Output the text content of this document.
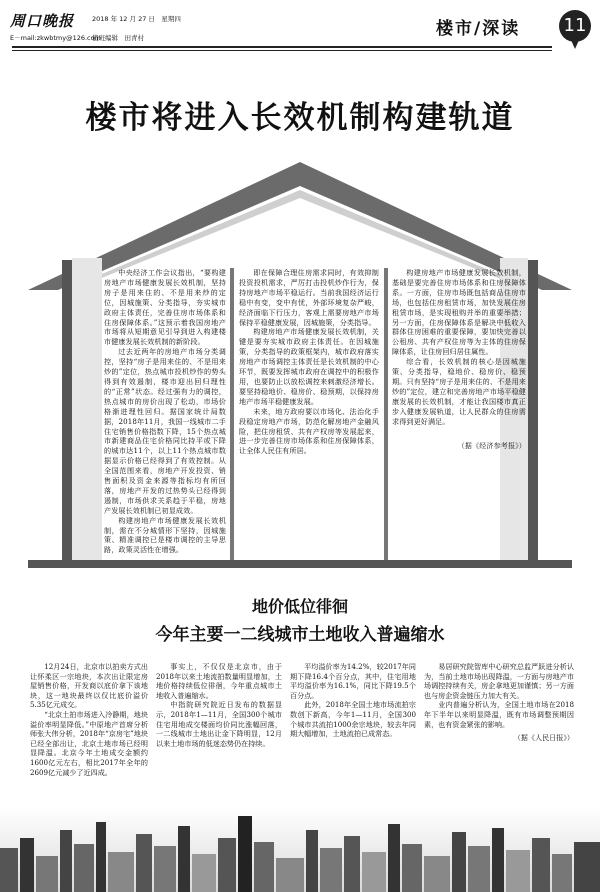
周口晚报	2018 年 12 月 27 日　星期四
E－mail:zkwbtmy@126.com
值班编辑　田青村	楼市/深读 11
楼市将进入长效机制构建轨道

中央经济工作会议指出，“要构建房地产市场健康发展长效机制，坚持房子是用来住的、不是用来炒的定位，因城施策、分类指导，夯实城市政府主体责任，完善住房市场体系和住房保障体系。”这预示着我国房地产市场将从短期意见引导到进入构建楼市健康发展长效机制的新阶段。

过去近两年的房地产市场分类调控，坚持“房子是用来住的、不是用来炒的”定位，热点城市投机炒作的势头得到有效遏制，楼市迎出回归理性的“正常”状态。经过强有力的调控，热点城市的房价出现了松动，市场价格渐进理性回归。据国家统计局数据，2018年11月，我国一线城市二手住宅销售价格指数下降，15个热点城市新建商品住宅价格同比持平或下降的城市达11个，以上11个热点城市数据显示价格已经得到了有效控制。从全国范围来看，房地产开发投资、销售面积及资金来源等指标均有所回落，房地产开发的过热势头已经得到遏制，市场供求关系趋于平稳，房地产发展长效机制已初显成效。

构建房地产市场健康发展长效机制，需在不分城情形下坚持，因城施策、精准调控已是楼市调控的主导思路，政策灵活性在增强。

即在保障合理住房需求同时，有效抑制投资投机需求，严厉打击投机炒作行为，保持房地产市场平稳运行。当前我国经济运行稳中有变，变中有忧，外部环境复杂严峻，经济面临下行压力，客观上需要房地产市场保持平稳健康发展，因城施策，分类指导。

构建房地产市场健康发展长效机制，关键是要夯实城市政府主体责任。在因城施策，分类指导的政策框架内，城市政府落实房地产市场调控主体责任是长效机制的中心环节，既要发挥城市政府在调控中的积极作用，也要防止以放松调控来刺激经济增长。要坚持稳地价、稳房价、稳预期，以保持房地产市场平稳健康发展。

未来，地方政府要以市场化、法治化手段稳定房地产市场，防范化解房地产金融风险，把住房租赁、共有产权房等发展起来，进一步完善住房市场体系和住房保障体系，让全体人民住有所居。

构建房地产市场健康发展长效机制，基础是要完善住房市场体系和住房保障体系。一方面，住房市场既包括商品住房市场，也包括住房租赁市场，加快发展住房租赁市场，是实现租购并举的重要举措；另一方面，住房保障体系是解决中低收入群体住房困难的重要保障，要加快完善以公租房、共有产权住房等为主体的住房保障体系，让住房回归居住属性。

综合看，长效机制的核心是因城施策、分类指导，稳地价、稳房价、稳预期。只有坚持“房子是用来住的、不是用来炒的”定位，建立和完善房地产市场平稳健康发展的长效机制，才能让我国楼市真正步入健康发展轨道，让人民群众的住房需求得到更好满足。

（据《经济参考报》）

地价低位徘徊
今年主要一二线城市土地收入普遍缩水

12月24日，北京市以拍卖方式出让怀柔区一宗地块，本次出让限定房屋销售价格，开发商以底价拿下该地块，这一地块最终以仅比底价溢价5.35亿元成交。

“北京土拍市场进入冷静期，地块溢价率明显降低。”中原地产首席分析师张大伟分析，2018年“京房宅”地块已经全部出让，北京土地市场已经明显降温。北京今年土地成交金额约1600亿元左右，相比2017年全年的2609亿元减少了近四成。

事实上，不仅仅是北京市，由于2018年以来土地流拍数量明显增加，土地价格持续低位徘徊，今年重点城市土地收入普遍缩水。

中指院研究院近日发布的数据显示，2018年1—11月，全国300个城市住宅用地成交楼面均价同比涨幅回落，一二线城市土地出让金下降明显，12月以来土地市场的低迷态势仍在持续。

平均溢价率为14.2%，较2017年同期下降16.4个百分点，其中，住宅用地平均溢价率为16.1%，同比下降19.5个百分点。

此外，2018年全国土地市场流拍宗数创下新高，今年1—11月，全国300个城市共流拍1000余宗地块，较去年同期大幅增加，土地流拍已成常态。

易居研究院智库中心研究总监严跃进分析认为，当前土地市场出现降温，一方面与房地产市场调控持续有关，房企拿地更加谨慎；另一方面也与房企资金链压力加大有关。

业内普遍分析认为，全国土地市场在2018年下半年以来明显降温，既有市场调整预期因素，也有资金紧张的影响。

（据《人民日报》）
